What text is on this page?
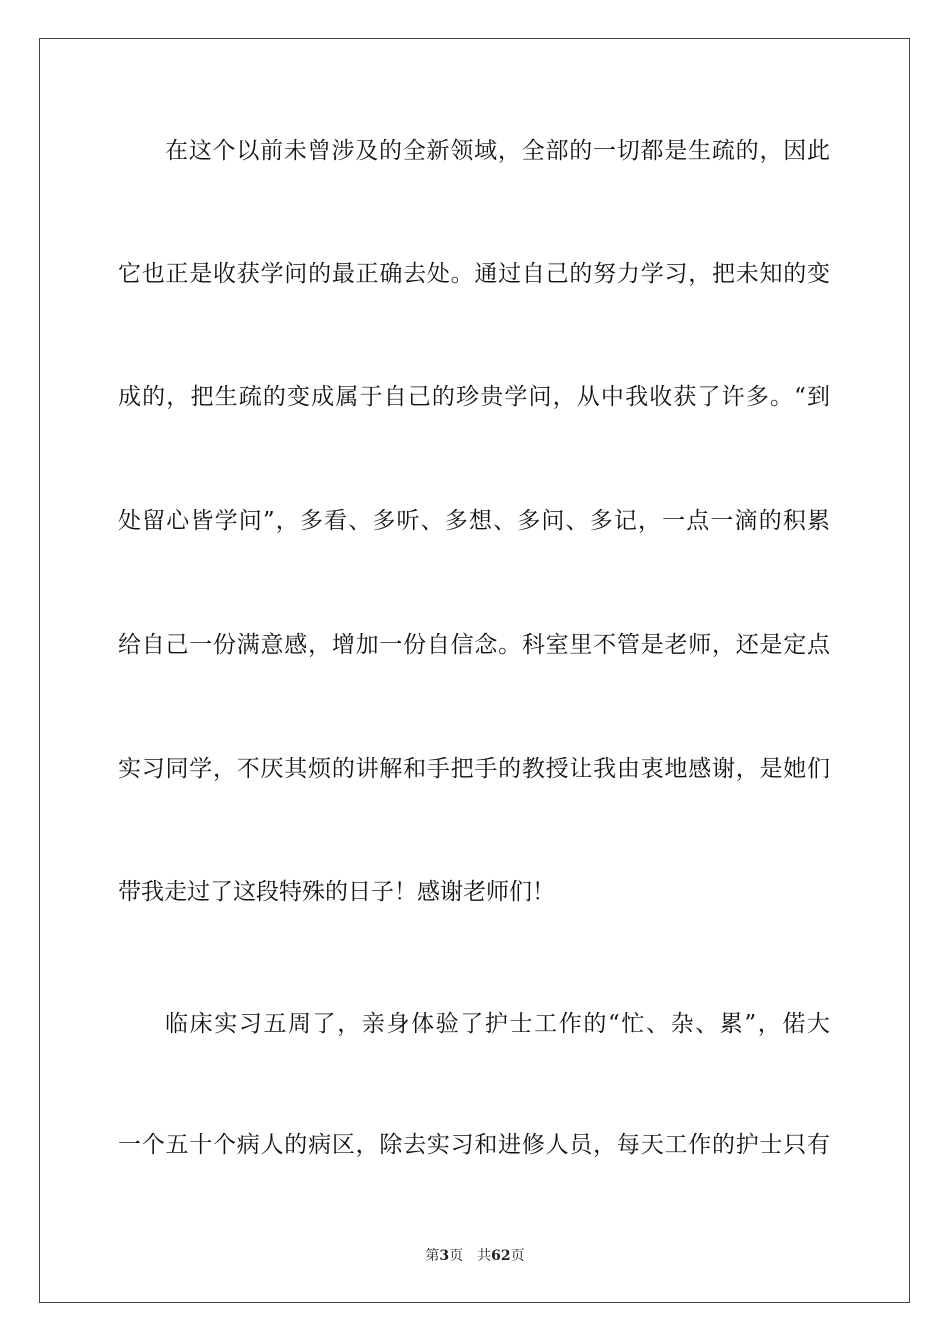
在这个以前未曾涉及的全新领域，全部的一切都是生疏的，因此
它也正是收获学问的最正确去处。通过自己的努力学习，把未知的变
成的，把生疏的变成属于自己的珍贵学问，从中我收获了许多。“到
处留心皆学问”，多看、多听、多想、多问、多记，一点一滴的积累
给自己一份满意感，增加一份自信念。科室里不管是老师，还是定点
实习同学，不厌其烦的讲解和手把手的教授让我由衷地感谢，是她们
带我走过了这段特殊的日子！感谢老师们！
临床实习五周了，亲身体验了护士工作的“忙、杂、累”，偌大
一个五十个病人的病区，除去实习和进修人员，每天工作的护士只有
第3页 共62页
